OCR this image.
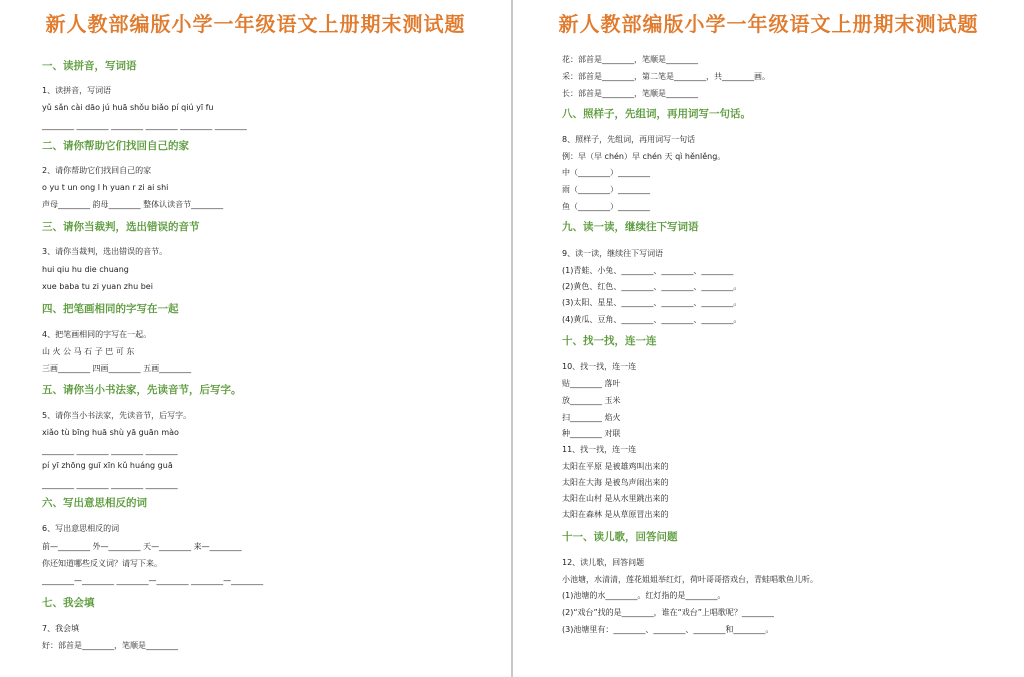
新人教部编版小学一年级语文上册期末测试题
一、读拼音，写词语
1、读拼音，写词语
yǔ sǎn cài dāo jú huā shǒu biǎo pí qiú yī fu
________ ________ ________ ________ ________ ________
二、请你帮助它们找回自己的家
2、请你帮助它们找回自己的家
o yu t un ong l h yuan r zi ai shi
声母________ 韵母________ 整体认读音节________
三、请你当裁判，选出错误的音节
3、请你当裁判，选出错误的音节。
hui qiu hu die chuang
xue baba tu zi yuan zhu bei
四、把笔画相同的字写在一起
4、把笔画相同的字写在一起。
山 火 公 马 石 子 巴 可 东
三画________ 四画________ 五画________
五、请你当小书法家，先读音节，后写字。
5、请你当小书法家，先读音节，后写字。
xiǎo tù bīng huā shù yā guān mào
________ ________ ________ ________
pí yī zhōng guī xīn kǔ huáng guā
________ ________ ________ ________
六、写出意思相反的词
6、写出意思相反的词
前—________ 外—________ 天—________ 来—________
你还知道哪些反义词？请写下来。
________—________ ________—________ ________—________
七、我会填
7、我会填
好：部首是________，笔顺是________
新人教部编版小学一年级语文上册期末测试题
花：部首是________，笔顺是________
采：部首是________，第二笔是________，共________画。
长：部首是________，笔顺是________
八、照样子，先组词，再用词写一句话。
8、照样子，先组词，再用词写一句话
例：早（早 chén）早 chén 天 qì hěnlěng。
中（________）________
雨（________）________
鱼（________）________
九、读一读，继续往下写词语
9、读一读，继续往下写词语
(1)青蛙、小兔、________、________、________
(2)黄色、红色、________、________、________。
(3)太阳、星星、________、________、________。
(4)黄瓜、豆角、________、________、________。
十、找一找，连一连
10、找一找，连一连
贴________ 落叶
放________ 玉米
扫________ 焰火
种________ 对联
11、找一找，连一连
太阳在平原 是被雄鸡叫出来的
太阳在大海 是被鸟声闹出来的
太阳在山村 是从水里跳出来的
太阳在森林 是从草原冒出来的
十一、读儿歌，回答问题
12、读儿歌，回答问题
小池塘，水清清，莲花姐姐举红灯，荷叶哥哥搭戏台，青蛙唱歌鱼儿听。
(1)池塘的水________。红灯指的是________。
(2)“戏台”找的是________，谁在“戏台”上唱歌呢？________
(3)池塘里有：________、________、________和________。
